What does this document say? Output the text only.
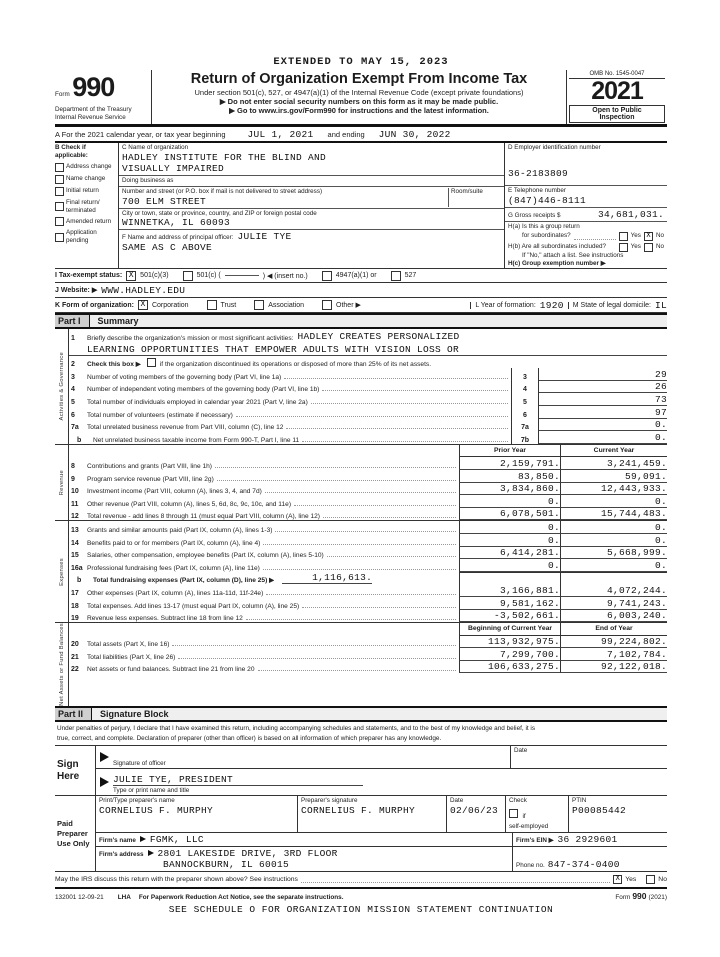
EXTENDED TO MAY 15, 2023
Form 990
Department of the Treasury
Internal Revenue Service
Return of Organization Exempt From Income Tax
Under section 501(c), 527, or 4947(a)(1) of the Internal Revenue Code (except private foundations)
▶ Do not enter social security numbers on this form as it may be made public.
▶ Go to www.irs.gov/Form990 for instructions and the latest information.
OMB No. 1545-0047
2021
Open to Public
Inspection
A For the 2021 calendar year, or tax year beginning JUL 1, 2021 and ending JUN 30, 2022
B Check if applicable:
Address change
Name change
Initial return
Final return/ terminated
Amended return
Application pending
C Name of organization
HADLEY INSTITUTE FOR THE BLIND AND
VISUALLY IMPAIRED
Doing business as
Number and street (or P.O. box if mail is not delivered to street address)
700 ELM STREET
Room/suite
City or town, state or province, country, and ZIP or foreign postal code
WINNETKA, IL 60093
F Name and address of principal officer: JULIE TYE
SAME AS C ABOVE
D Employer identification number
36-2183809
E Telephone number
(847)446-8111
G Gross receipts $	34,681,031.
H(a) Is this a group return
for subordinates?	Yes X No
H(b) Are all subordinates included?	Yes No
If "No," attach a list. See instructions
H(c) Group exemption number ▶
I Tax-exempt status: X 501(c)(3)	501(c) (	) ◀ (insert no.)	4947(a)(1) or	527
J Website: ▶ WWW.HADLEY.EDU
K Form of organization: X Corporation	Trust	Association	Other ▶	L Year of formation: 1920	M State of legal domicile: IL
Part I	Summary
Activities & Governance
1	Briefly describe the organization's mission or most significant activities: HADLEY CREATES PERSONALIZED
LEARNING OPPORTUNITIES THAT EMPOWER ADULTS WITH VISION LOSS OR
2	Check this box ▶	if the organization discontinued its operations or disposed of more than 25% of its net assets.
3	Number of voting members of the governing body (Part VI, line 1a)	3	29
4	Number of independent voting members of the governing body (Part VI, line 1b)	4	26
5	Total number of individuals employed in calendar year 2021 (Part V, line 2a)	5	73
6	Total number of volunteers (estimate if necessary)	6	97
7a	Total unrelated business revenue from Part VIII, column (C), line 12	7a	0.
b	Net unrelated business taxable income from Form 990-T, Part I, line 11	7b	0.
Revenue
Prior Year	Current Year
8	Contributions and grants (Part VIII, line 1h)	2,159,791.	3,241,459.
9	Program service revenue (Part VIII, line 2g)	83,850.	59,091.
10	Investment income (Part VIII, column (A), lines 3, 4, and 7d)	3,834,860.	12,443,933.
11	Other revenue (Part VIII, column (A), lines 5, 6d, 8c, 9c, 10c, and 11e)	0.	0.
12	Total revenue - add lines 8 through 11 (must equal Part VIII, column (A), line 12)	6,078,501.	15,744,483.
Expenses
13	Grants and similar amounts paid (Part IX, column (A), lines 1-3)	0.	0.
14	Benefits paid to or for members (Part IX, column (A), line 4)	0.	0.
15	Salaries, other compensation, employee benefits (Part IX, column (A), lines 5-10)	6,414,281.	5,668,999.
16a Professional fundraising fees (Part IX, column (A), line 11e)	0.	0.
b	Total fundraising expenses (Part IX, column (D), line 25) ▶	1,116,613.
17	Other expenses (Part IX, column (A), lines 11a-11d, 11f-24e)	3,166,881.	4,072,244.
18	Total expenses. Add lines 13-17 (must equal Part IX, column (A), line 25)	9,581,162.	9,741,243.
19	Revenue less expenses. Subtract line 18 from line 12	-3,502,661.	6,003,240.
Net Assets or Fund Balances	Beginning of Current Year	End of Year
20	Total assets (Part X, line 16)	113,932,975.	99,224,802.
21	Total liabilities (Part X, line 26)	7,299,700.	7,102,784.
22	Net assets or fund balances. Subtract line 21 from line 20	106,633,275.	92,122,018.
Part II	Signature Block
Under penalties of perjury, I declare that I have examined this return, including accompanying schedules and statements, and to the best of my knowledge and belief, it is
true, correct, and complete. Declaration of preparer (other than officer) is based on all information of which preparer has any knowledge.
Sign
Here
Signature of officer
Date
JULIE TYE, PRESIDENT
Type or print name and title
Paid
Preparer
Use Only
Print/Type preparer's name
CORNELIUS F. MURPHY
Preparer's signature
CORNELIUS F. MURPHY
Date
02/06/23
Check
if
self-employed
PTIN
P00085442
Firm's name FGMK, LLC	Firm's EIN ▶ 36 2929601
Firm's address 2801 LAKESIDE DRIVE, 3RD FLOOR
BANNOCKBURN, IL 60015	Phone no. 847-374-0400
May the IRS discuss this return with the preparer shown above? See instructions	X Yes	No
132001 12-09-21 LHA For Paperwork Reduction Act Notice, see the separate instructions.	Form 990 (2021)
SEE SCHEDULE O FOR ORGANIZATION MISSION STATEMENT CONTINUATION
